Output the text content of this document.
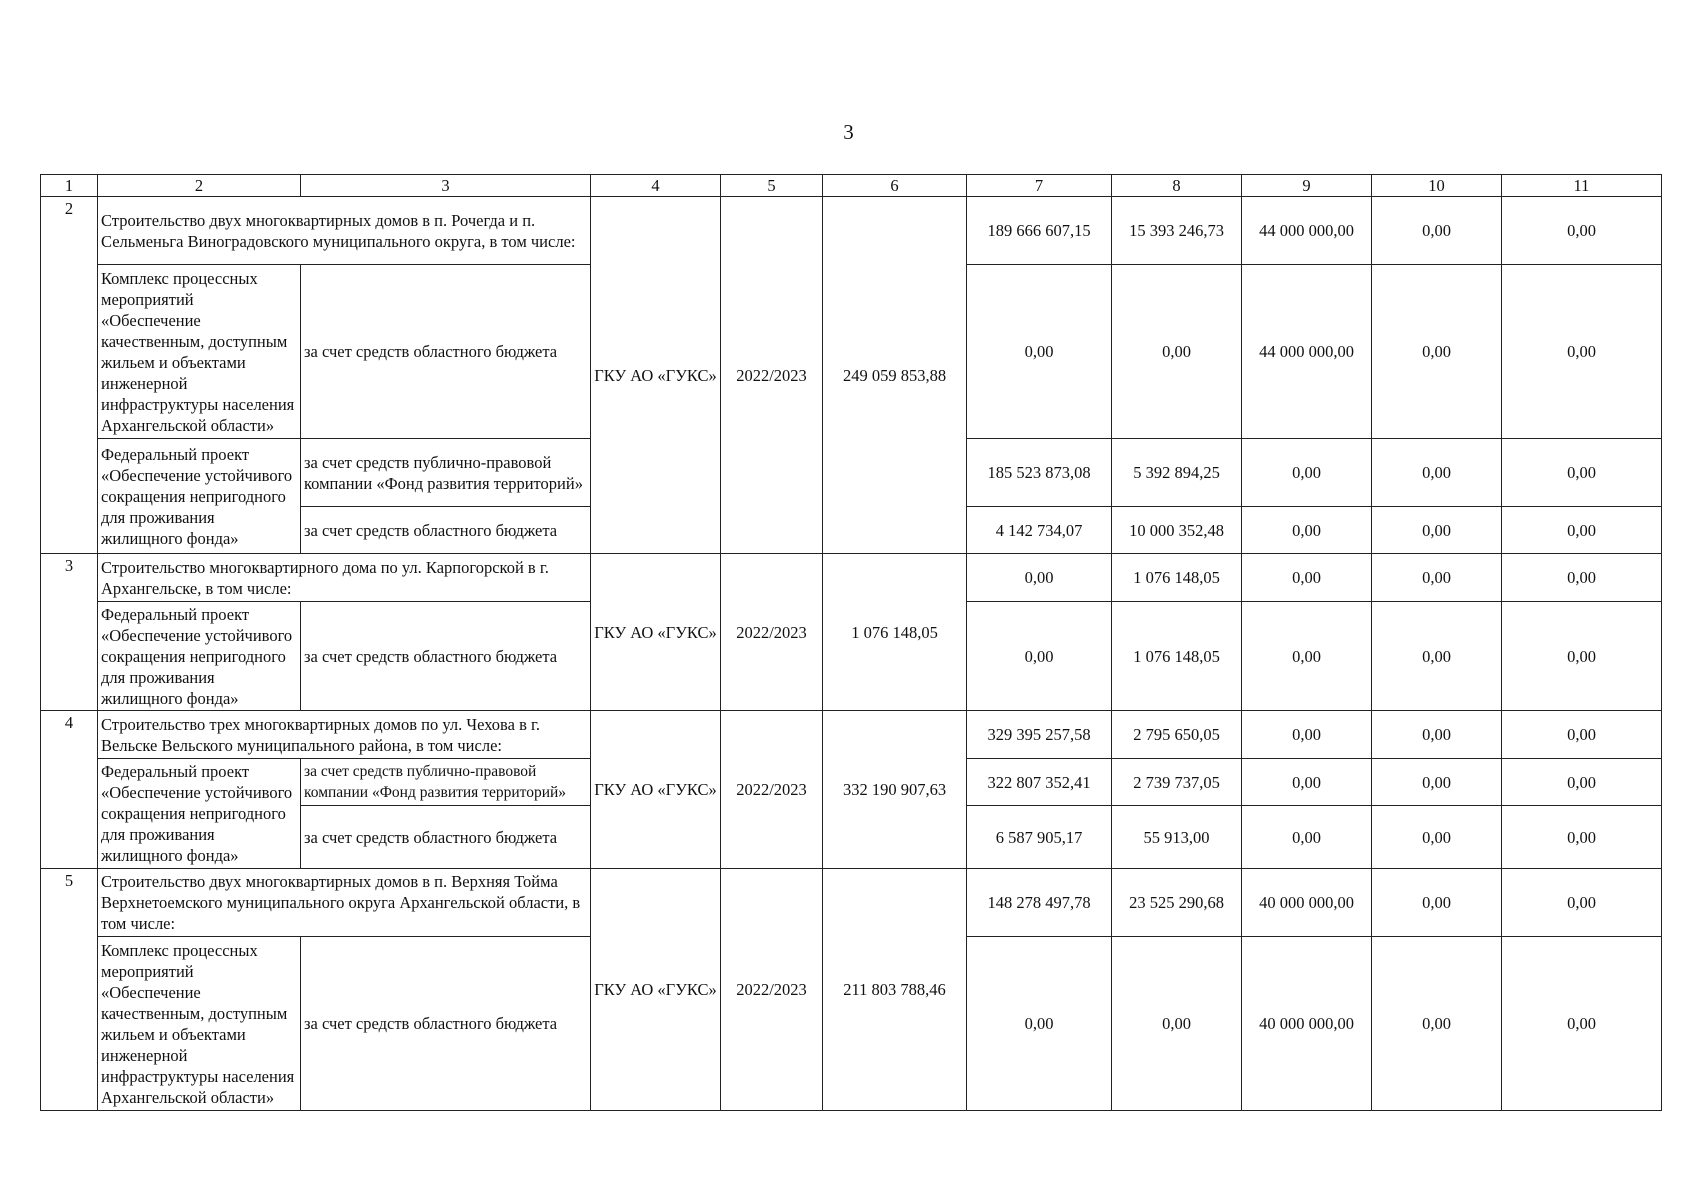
3
1	2	3	4	5	6	7	8	9	10	11
2	Строительство двух многоквартирных домов в п. Рочегда и п. Сельменьга Виноградовского муниципального округа, в том числе:		ГКУ АО «ГУКС»	2022/2023	249 059 853,88	189 666 607,15	15 393 246,73	44 000 000,00	0,00	0,00
	Комплекс процессных мероприятий «Обеспечение качественным, доступным жильем и объектами инженерной инфраструктуры населения Архангельской области»	за счет средств областного бюджета				0,00	0,00	44 000 000,00	0,00	0,00
	Федеральный проект «Обеспечение устойчивого сокращения непригодного для проживания жилищного фонда»	за счет средств публично-правовой компании «Фонд развития территорий»				185 523 873,08	5 392 894,25	0,00	0,00	0,00
		за счет средств областного бюджета				4 142 734,07	10 000 352,48	0,00	0,00	0,00
3	Строительство многоквартирного дома по ул. Карпогорской в г. Архангельске, в том числе:		ГКУ АО «ГУКС»	2022/2023	1 076 148,05	0,00	1 076 148,05	0,00	0,00	0,00
	Федеральный проект «Обеспечение устойчивого сокращения непригодного для проживания жилищного фонда»	за счет средств областного бюджета				0,00	1 076 148,05	0,00	0,00	0,00
4	Строительство трех многоквартирных домов по ул. Чехова в г. Вельске Вельского муниципального района, в том числе:		ГКУ АО «ГУКС»	2022/2023	332 190 907,63	329 395 257,58	2 795 650,05	0,00	0,00	0,00
	Федеральный проект «Обеспечение устойчивого сокращения непригодного для проживания жилищного фонда»	за счет средств публично-правовой компании «Фонд развития территорий»				322 807 352,41	2 739 737,05	0,00	0,00	0,00
		за счет средств областного бюджета				6 587 905,17	55 913,00	0,00	0,00	0,00
5	Строительство двух многоквартирных домов в п. Верхняя Тойма Верхнетоемского муниципального округа Архангельской области, в том числе:		ГКУ АО «ГУКС»	2022/2023	211 803 788,46	148 278 497,78	23 525 290,68	40 000 000,00	0,00	0,00
	Комплекс процессных мероприятий «Обеспечение качественным, доступным жильем и объектами инженерной инфраструктуры населения Архангельской области»	за счет средств областного бюджета				0,00	0,00	40 000 000,00	0,00	0,00
